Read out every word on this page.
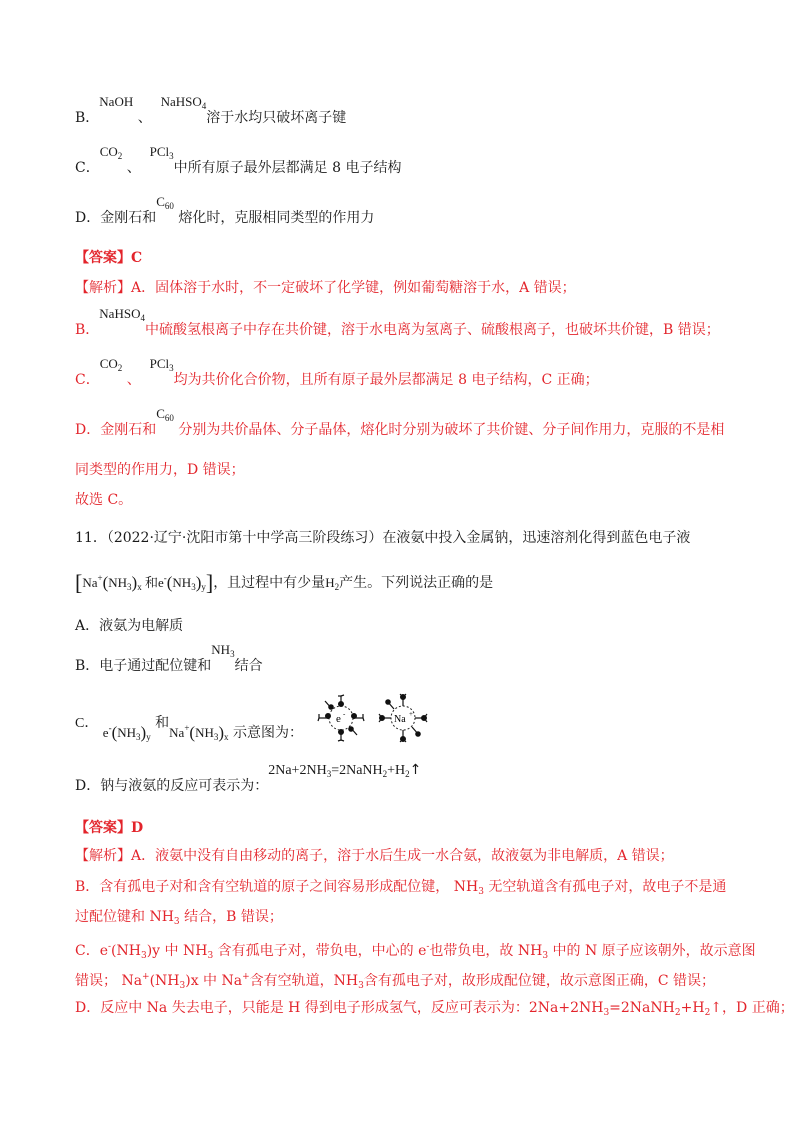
B．NaOH 、  NaHSO$_4$溶于水均只破坏离子键
C．$CO_2$ 、  PCl$_3$中所有原子最外层都满足 8 电子结构
D．金刚石和$C_{60}$ 熔化时，克服相同类型的作用力
【答案】C
【解析】A．固体溶于水时，不一定破坏了化学键，例如葡萄糖溶于水，A 错误；
B．NaHSO$_4$中硫酸氢根离子中存在共价键，溶于水电离为氢离子、硫酸根离子，也破坏共价键，B 错误；
C．$CO_2$ 、  PCl$_3$均为共价化合价物，且所有原子最外层都满足 8 电子结构，C 正确；
D．金刚石和$C_{60}$ 分别为共价晶体、分子晶体，熔化时分别为破坏了共价键、分子间作用力，克服的不是相
同类型的作用力，D 错误；
故选 C。
11．（2022·辽宁·沈阳市第十中学高三阶段练习）在液氨中投入金属钠，迅速溶剂化得到蓝色电子液
[$Na^+(NH_3)_x$ 和$e^-(NH_3)_y$]，且过程中有少量$H_2$产生。下列说法正确的是
A．液氨为电解质
B．电子通过配位键和$NH_3$结合
C． $e^-(NH_3)_y$ 和$Na^+(NH_3)_x$ 示意图为：
e -	Na +
D．钠与液氨的反应可表示为：$2Na+2NH_3=2NaNH_2+H_2↑$
【答案】D
【解析】A．液氨中没有自由移动的离子，溶于水后生成一水合氨，故液氨为非电解质，A 错误；
B．含有孤电子对和含有空轨道的原子之间容易形成配位键， $NH_3$ 无空轨道含有孤电子对，故电子不是通
过配位键和 $NH_3$ 结合，B 错误；
C．$e^-(NH_3)y$ 中 $NH_3$ 含有孤电子对，带负电，中心的 e-也带负电，故 $NH_3$ 中的 N 原子应该朝外，故示意图
错误； $Na^+(NH_3)x$ 中 Na+含有空轨道，$NH_3$含有孤电子对，故形成配位键，故示意图正确，C 错误；
D．反应中 Na 失去电子，只能是 H 得到电子形成氢气，反应可表示为：$2Na+2NH_3=2NaNH_2+H_2↑$，D 正确；
